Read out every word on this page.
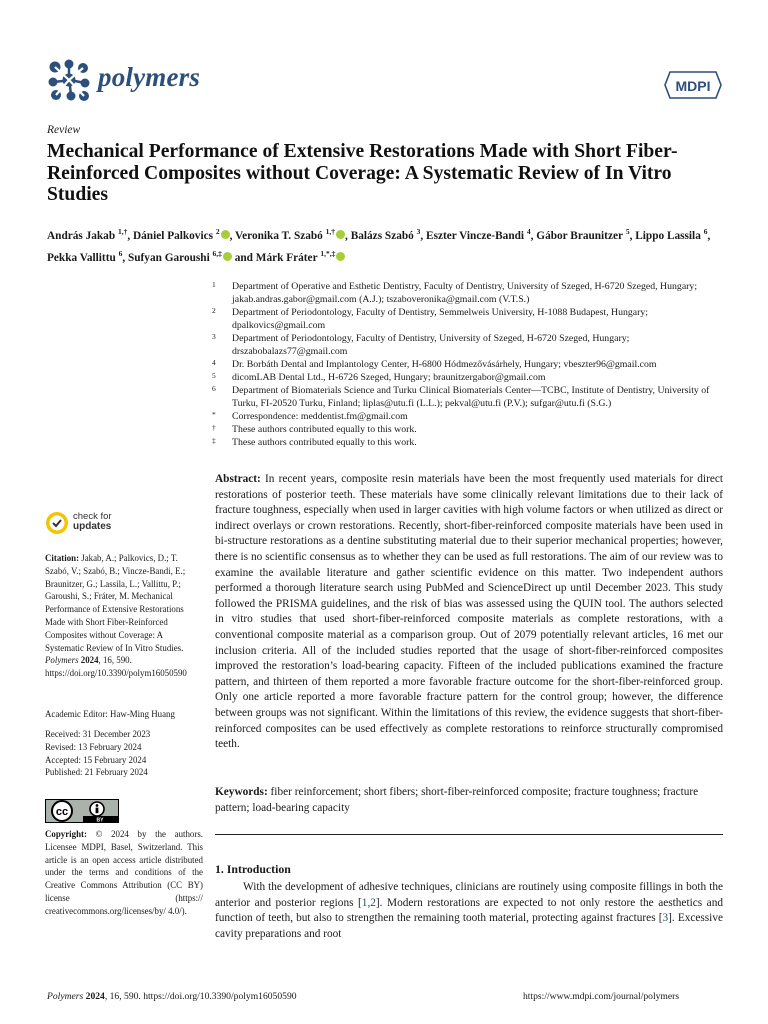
polymers	MDPI
Review
Mechanical Performance of Extensive Restorations Made with Short Fiber-Reinforced Composites without Coverage: A Systematic Review of In Vitro Studies
András Jakab $^{1,\dagger}$, Dániel Palkovics $^2$ , Veronika T. Szabó $^{1,\dagger}$ , Balázs Szabó $^3$, Eszter Vincze-Bandi $^4$, Gábor Braunitzer $^5$, Lippo Lassila $^6$, Pekka Vallittu $^6$, Sufyan Garoushi $^{6,\ddagger}$ and Márk Fráter $^{1,*,\ddagger}$
1 Department of Operative and Esthetic Dentistry, Faculty of Dentistry, University of Szeged, H-6720 Szeged, Hungary; jakab.andras.gabor@gmail.com (A.J.); tszaboveronika@gmail.com (V.T.S.)
2 Department of Periodontology, Faculty of Dentistry, Semmelweis University, H-1088 Budapest, Hungary; dpalkovics@gmail.com
3 Department of Periodontology, Faculty of Dentistry, University of Szeged, H-6720 Szeged, Hungary; drszabobalazs77@gmail.com
4 Dr. Borbáth Dental and Implantology Center, H-6800 Hódmezővásárhely, Hungary; vbeszter96@gmail.com
5 dicomLAB Dental Ltd., H-6726 Szeged, Hungary; braunitzergabor@gmail.com
6 Department of Biomaterials Science and Turku Clinical Biomaterials Center—TCBC, Institute of Dentistry, University of Turku, FI-20520 Turku, Finland; liplas@utu.fi (L.L.); pekval@utu.fi (P.V.); sufgar@utu.fi (S.G.)
* Correspondence: meddentist.fm@gmail.com
† These authors contributed equally to this work.
‡ These authors contributed equally to this work.
check for
updates
Citation: Jakab, A.; Palkovics, D.; T. Szabó, V.; Szabó, B.; Vincze-Bandi, E.; Braunitzer, G.; Lassila, L.; Vallittu, P.; Garoushi, S.; Fráter, M. Mechanical Performance of Extensive Restorations Made with Short Fiber-Reinforced Composites without Coverage: A Systematic Review of In Vitro Studies. Polymers 2024, 16, 590. https://doi.org/10.3390/polym16050590
Academic Editor: Haw-Ming Huang
Received: 31 December 2023
Revised: 13 February 2024
Accepted: 15 February 2024
Published: 21 February 2024
cc
BY
Copyright: © 2024 by the authors. Licensee MDPI, Basel, Switzerland. This article is an open access article distributed under the terms and conditions of the Creative Commons Attribution (CC BY) license (https:// creativecommons.org/licenses/by/ 4.0/).
Abstract: In recent years, composite resin materials have been the most frequently used materials for direct restorations of posterior teeth. These materials have some clinically relevant limitations due to their lack of fracture toughness, especially when used in larger cavities with high volume factors or when utilized as direct or indirect overlays or crown restorations. Recently, short-fiber-reinforced composite materials have been used in bi-structure restorations as a dentine substituting material due to their superior mechanical properties; however, there is no scientific consensus as to whether they can be used as full restorations. The aim of our review was to examine the available literature and gather scientific evidence on this matter. Two independent authors performed a thorough literature search using PubMed and ScienceDirect up until December 2023. This study followed the PRISMA guidelines, and the risk of bias was assessed using the QUIN tool. The authors selected in vitro studies that used short-fiber-reinforced composite materials as complete restorations, with a conventional composite material as a comparison group. Out of 2079 potentially relevant articles, 16 met our inclusion criteria. All of the included studies reported that the usage of short-fiber-reinforced composites improved the restoration’s load-bearing capacity. Fifteen of the included publications examined the fracture pattern, and thirteen of them reported a more favorable fracture outcome for the short-fiber-reinforced group. Only one article reported a more favorable fracture pattern for the control group; however, the difference between groups was not significant. Within the limitations of this review, the evidence suggests that short-fiber-reinforced composites can be used effectively as complete restorations to reinforce structurally compromised teeth.
Keywords: fiber reinforcement; short fibers; short-fiber-reinforced composite; fracture toughness; fracture pattern; load-bearing capacity
1. Introduction
With the development of adhesive techniques, clinicians are routinely using composite fillings in both the anterior and posterior regions [1,2]. Modern restorations are expected to not only restore the aesthetics and function of teeth, but also to strengthen the remaining tooth material, protecting against fractures [3]. Excessive cavity preparations and root
Polymers 2024, 16, 590. https://doi.org/10.3390/polym16050590	https://www.mdpi.com/journal/polymers
